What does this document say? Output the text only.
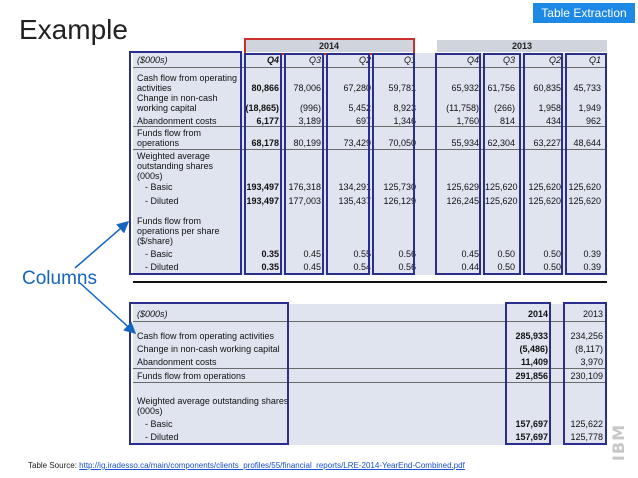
Table Extraction
Example
2014	2013
($000s)	Q4	Q3	Q2	Q1	Q4	Q3	Q2	Q1
Cash flow from operating activities	80,866	78,006	67,280	59,781	65,932 61,756	60,835	45,733
Change in non-cash working capital	(18,865)	(996)	5,452	8,923	(11,758)	(266)	1,958	1,949
Abandonment costs	6,177	3,189	697	1,346	1,760	814	434	962
Funds flow from operations	68,178	80,199	73,429	70,050	55,934 62,304	63,227	48,644
Weighted average outstanding shares (000s)
- Basic	193,497	176,318	134,291	125,730	125,629 125,620	125,620 125,620
- Diluted	193,497	177,003	135,437	126,129	126,245 125,620	125,620 125,620
Funds flow from operations per share ($/share)
- Basic	0.35	0.45	0.55	0.56	0.45	0.50	0.50	0.39
- Diluted	0.35	0.45	0.54	0.56	0.44	0.50	0.50	0.39
($000s)	2014	2013
Cash flow from operating activities	285,933	234,256
Change in non-cash working capital	(5,486)	(8,117)
Abandonment costs	11,409	3,970
Funds flow from operations	291,856	230,109
Weighted average outstanding shares (000s)
- Basic	157,697	125,622
- Diluted	157,697	125,778
Columns
IBM
Table Source: http://ig.iradesso.ca/main/components/clients_profiles/55/financial_reports/LRE-2014-YearEnd-Combined.pdf
